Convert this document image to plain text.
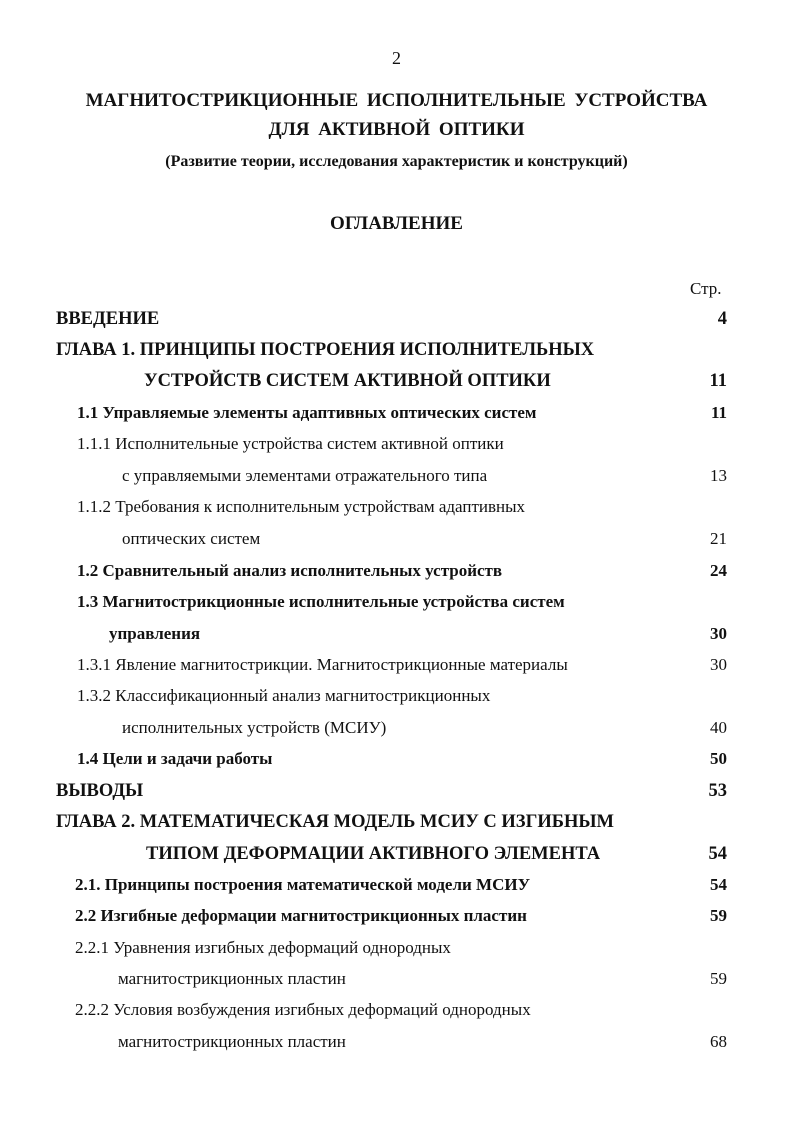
2
МАГНИТОСТРИКЦИОННЫЕ ИСПОЛНИТЕЛЬНЫЕ УСТРОЙСТВА
ДЛЯ АКТИВНОЙ ОПТИКИ
(Развитие теории, исследования характеристик и конструкций)
ОГЛАВЛЕНИЕ
Стр.
ВВЕДЕНИЕ	4
ГЛАВА 1. ПРИНЦИПЫ ПОСТРОЕНИЯ ИСПОЛНИТЕЛЬНЫХ
УСТРОЙСТВ СИСТЕМ АКТИВНОЙ ОПТИКИ	11
1.1 Управляемые элементы адаптивных оптических систем	11
1.1.1 Исполнительные устройства систем активной оптики
с управляемыми элементами отражательного типа	13
1.1.2 Требования к исполнительным устройствам адаптивных
оптических систем	21
1.2 Сравнительный анализ исполнительных устройств	24
1.3 Магнитострикционные исполнительные устройства систем
управления	30
1.3.1 Явление магнитострикции. Магнитострикционные материалы	30
1.3.2 Классификационный анализ магнитострикционных
исполнительных устройств (МСИУ)	40
1.4 Цели и задачи работы	50
ВЫВОДЫ	53
ГЛАВА 2. МАТЕМАТИЧЕСКАЯ МОДЕЛЬ МСИУ С ИЗГИБНЫМ
ТИПОМ ДЕФОРМАЦИИ АКТИВНОГО ЭЛЕМЕНТА	54
2.1. Принципы построения математической модели МСИУ	54
2.2 Изгибные деформации магнитострикционных пластин	59
2.2.1 Уравнения изгибных деформаций однородных
магнитострикционных пластин	59
2.2.2 Условия возбуждения изгибных деформаций однородных
магнитострикционных пластин	68
